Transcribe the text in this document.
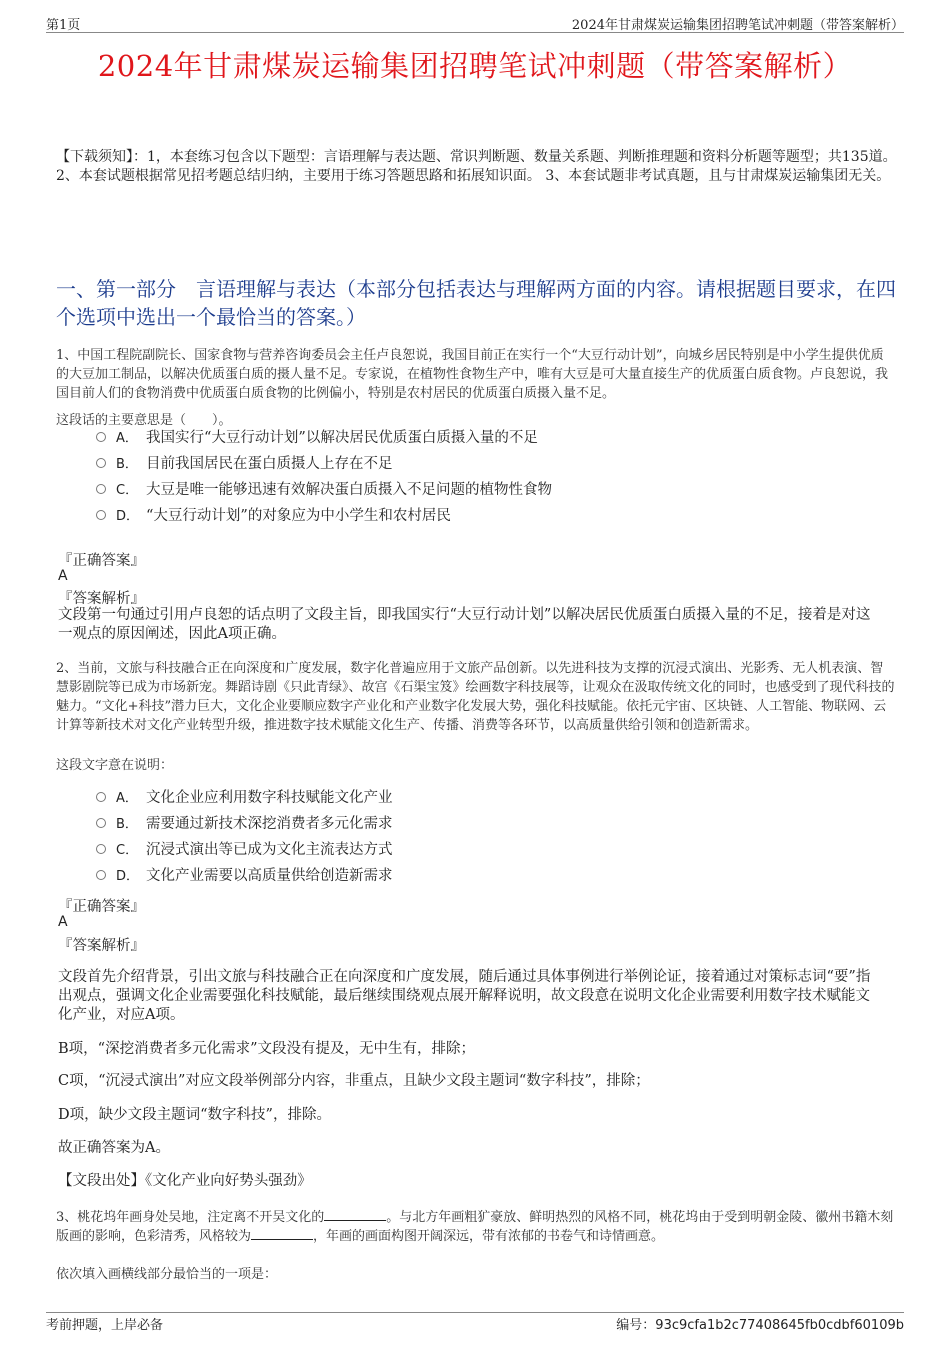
第1页	2024年甘肃煤炭运输集团招聘笔试冲刺题（带答案解析）
2024年甘肃煤炭运输集团招聘笔试冲刺题（带答案解析）
【下载须知】：1，本套练习包含以下题型：言语理解与表达题、常识判断题、数量关系题、判断推理题和资料分析题等题型；共135道。 2、本套试题根据常见招考题总结归纳，主要用于练习答题思路和拓展知识面。 3、本套试题非考试真题，且与甘肃煤炭运输集团无关。
一、第一部分　言语理解与表达（本部分包括表达与理解两方面的内容。请根据题目要求，在四个选项中选出一个最恰当的答案。）
1、中国工程院副院长、国家食物与营养咨询委员会主任卢良恕说，我国目前正在实行一个“大豆行动计划”，向城乡居民特别是中小学生提供优质的大豆加工制品，以解决优质蛋白质的摄人量不足。专家说，在植物性食物生产中，唯有大豆是可大量直接生产的优质蛋白质食物。卢良恕说，我国目前人们的食物消费中优质蛋白质食物的比例偏小，特别是农村居民的优质蛋白质摄入量不足。
这段话的主要意思是（　　）。
A． 我国实行“大豆行动计划”以解决居民优质蛋白质摄入量的不足
B． 目前我国居民在蛋白质摄人上存在不足
C． 大豆是唯一能够迅速有效解决蛋白质摄入不足问题的植物性食物
D． “大豆行动计划”的对象应为中小学生和农村居民
『正确答案』
A
『答案解析』
文段第一句通过引用卢良恕的话点明了文段主旨，即我国实行“大豆行动计划”以解决居民优质蛋白质摄入量的不足，接着是对这一观点的原因阐述，因此A项正确。
2、当前，文旅与科技融合正在向深度和广度发展，数字化普遍应用于文旅产品创新。以先进科技为支撑的沉浸式演出、光影秀、无人机表演、智慧影剧院等已成为市场新宠。舞蹈诗剧《只此青绿》、故宫《石渠宝笈》绘画数字科技展等，让观众在汲取传统文化的同时，也感受到了现代科技的魅力。“文化+科技”潜力巨大，文化企业要顺应数字产业化和产业数字化发展大势，强化科技赋能。依托元宇宙、区块链、人工智能、物联网、云计算等新技术对文化产业转型升级，推进数字技术赋能文化生产、传播、消费等各环节，以高质量供给引领和创造新需求。
这段文字意在说明：
A． 文化企业应利用数字科技赋能文化产业
B． 需要通过新技术深挖消费者多元化需求
C． 沉浸式演出等已成为文化主流表达方式
D． 文化产业需要以高质量供给创造新需求
『正确答案』
A
『答案解析』
文段首先介绍背景，引出文旅与科技融合正在向深度和广度发展，随后通过具体事例进行举例论证，接着通过对策标志词“要”指出观点，强调文化企业需要强化科技赋能，最后继续围绕观点展开解释说明，故文段意在说明文化企业需要利用数字技术赋能文化产业，对应A项。
B项，“深挖消费者多元化需求”文段没有提及，无中生有，排除；
C项，“沉浸式演出”对应文段举例部分内容，非重点，且缺少文段主题词“数字科技”，排除；
D项，缺少文段主题词“数字科技”，排除。
故正确答案为A。
【文段出处】《文化产业向好势头强劲》
3、桃花坞年画身处吴地，注定离不开吴文化的	。与北方年画粗犷豪放、鲜明热烈的风格不同，桃花坞由于受到明朝金陵、徽州书籍木刻版画的影响，色彩清秀，风格较为	，年画的画面构图开阔深远，带有浓郁的书卷气和诗情画意。
依次填入画横线部分最恰当的一项是：
考前押题，上岸必备	编号：93c9cfa1b2c77408645fb0cdbf60109b
